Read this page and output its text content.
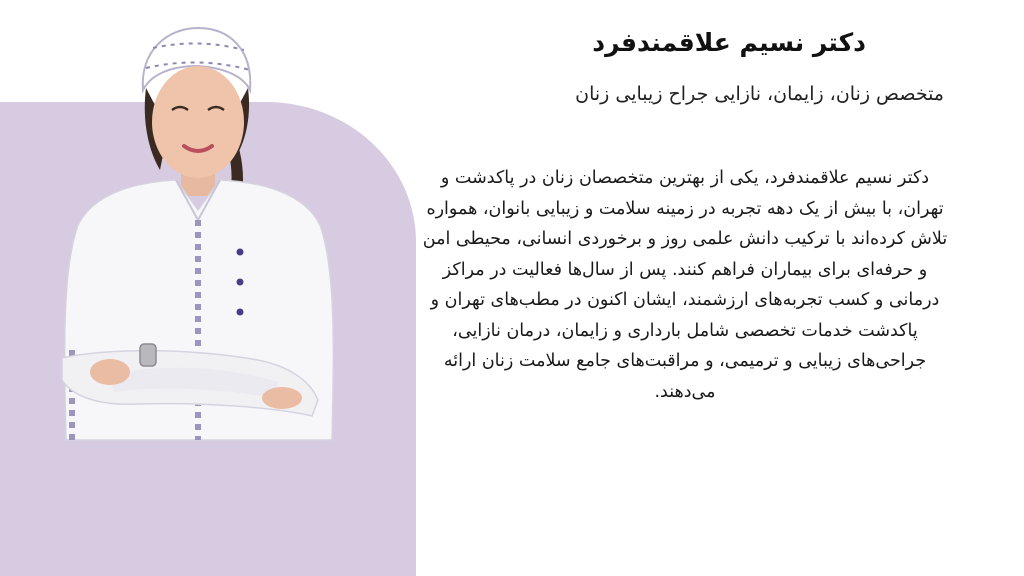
دکتر نسیم علاقمندفرد
متخصص زنان، زایمان، نازایی جراح زیبایی زنان
دکتر نسیم علاقمندفرد، یکی از بهترین متخصصان زنان در پاکدشت و تهران، با بیش از یک دهه تجربه در زمینه سلامت و زیبایی بانوان، همواره تلاش کرده‌اند با ترکیب دانش علمی روز و برخوردی انسانی، محیطی امن و حرفه‌ای برای بیماران فراهم کنند. پس از سال‌ها فعالیت در مراکز درمانی و کسب تجربه‌های ارزشمند، ایشان اکنون در مطب‌های تهران و پاکدشت خدمات تخصصی شامل بارداری و زایمان، درمان نازایی، جراحی‌های زیبایی و ترمیمی، و مراقبت‌های جامع سلامت زنان ارائه می‌دهند.
